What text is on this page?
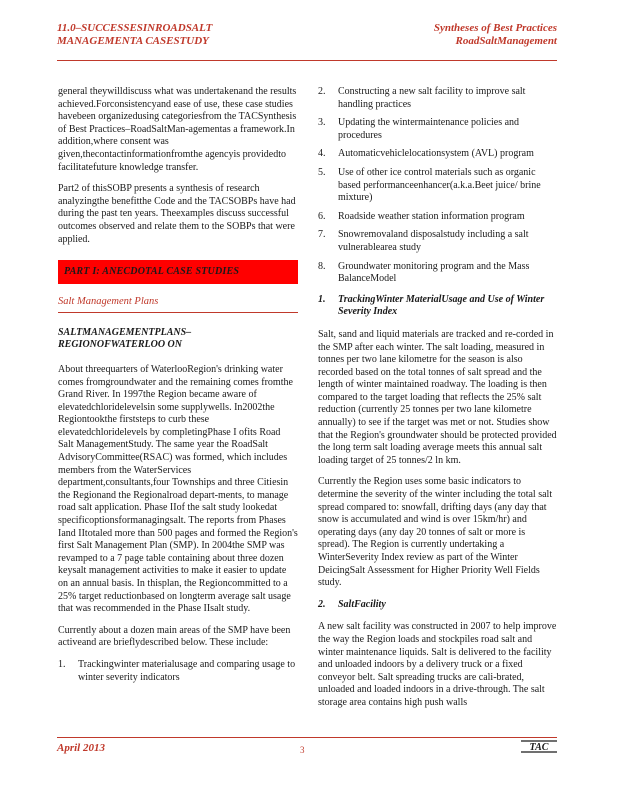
11.0–SUCCESSESINROADSALT
MANAGEMENTA CASESTUDY
Syntheses of Best Practices
RoadSaltManagement

general theywilldiscuss what was undertakenand the results achieved.Forconsistencyand ease of use, these case studies havebeen organizedusing categoriesfrom the TACSynthesis of Best Practices–RoadSaltMan-agementas a framework.In addition,where consent was given,thecontactinformationfromthe agencyis providedto facilitatefuture knowledge transfer.

Part2 of thisSOBP presents a synthesis of research analyzingthe benefitthe Code and the TACSOBPs have had during the past ten years. Theexamples discuss successful outcomes observed and relate them to the SOBPs that were applied.

PART I: ANECDOTAL CASE STUDIES
Salt Management Plans
SALTMANAGEMENTPLANS–REGIONOFWATERLOO ON

About threequarters of WaterlooRegion's drinking water comes fromgroundwater and the remaining comes fromthe Grand River. In 1997the Region became aware of elevatedchloridelevelsin some supplywells. In2002the Regiontookthe firststeps to curb these elevatedchloridelevels by completingPhase I ofits Road Salt ManagementStudy. The same year the RoadSalt AdvisoryCommittee(RSAC) was formed, which includes members from the WaterServices department,consultants,four Townships and three Citiesin the Regionand the Regionalroad depart-ments, to manage road salt application. Phase IIof the salt study lookedat specificoptionsformanagingsalt. The reports from Phases Iand IItotaled more than 500 pages and formed the Region's first Salt Management Plan (SMP). In 2004the SMP was revamped to a 7 page table containing about three dozen keysalt management activities to make it easier to update on an annual basis. In thisplan, the Regioncommitted to a 25% target reductionbased on longterm average salt usage that was recommended in the Phase IIsalt study.

Currently about a dozen main areas of the SMP have been activeand are brieflydescribed below. These include:

1.	Trackingwinter materialusage and comparing usage to winter severity indicators
2.	Constructing a new salt facility to improve salt handling practices
3.	Updating the wintermaintenance policies and procedures
4.	Automaticvehiclelocationsystem (AVL) program
5.	Use of other ice control materials such as organic based performanceenhancer(a.k.a.Beet juice/ brine mixture)
6.	Roadside weather station information program
7.	Snowremovaland disposalstudy including a salt vulnerablearea study
8.	Groundwater monitoring program and the Mass BalanceModel
1.	TrackingWinter MaterialUsage and Use of Winter Severity Index

Salt, sand and liquid materials are tracked and re-corded in the SMP after each winter. The salt loading, measured in tonnes per two lane kilometre for the season is also recorded based on the total tonnes of salt spread and the length of winter maintained roadway. The loading is then compared to the target loading that reflects the 25% salt reduction (currently 25 tonnes per two lane kilometre annually) to see if the target was met or not. Studies show that the Region's groundwater should be protected provided the long term salt loading average meets this annual salt loading target of 25 tonnes/2 ln km.

Currently the Region uses some basic indicators to determine the severity of the winter including the total salt spread compared to: snowfall, drifting days (any day that snow is accumulated and wind is over 15km/hr) and operating days (any day 20 tonnes of salt or more is spread). The Region is currently undertaking a WinterSeverity Index review as part of the Winter DeicingSalt Assessment for Higher Priority Well Fields study.

2.	SaltFacility

A new salt facility was constructed in 2007 to help improve the way the Region loads and stockpiles road salt and winter maintenance liquids. Salt is delivered to the facility and unloaded indoors by a delivery truck or a fixed conveyor belt. Salt spreading trucks are cali-brated, unloaded and loaded indoors in a drive-through. The salt storage area contains high push walls

April 2013	3	TAC
